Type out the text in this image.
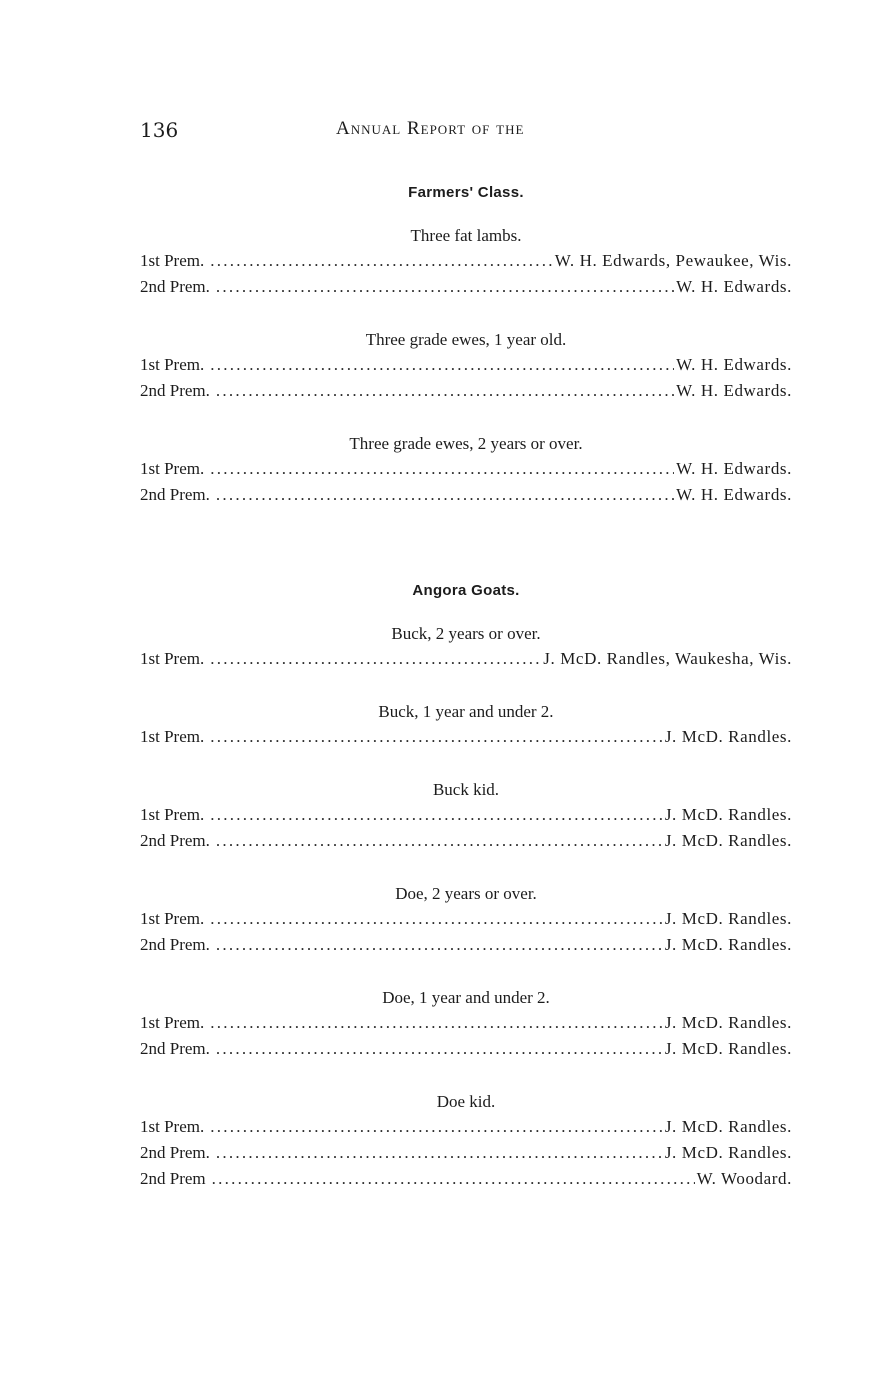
136	Annual Report of the
Farmers' Class.
Three fat lambs.
1st Prem. . . .	W. H. Edwards, Pewaukee, Wis.
2nd Prem. . . .	W. H. Edwards.
Three grade ewes, 1 year old.
1st Prem. . . .	W. H. Edwards.
2nd Prem. . . .	W. H. Edwards.
Three grade ewes, 2 years or over.
1st Prem. . . .	W. H. Edwards.
2nd Prem. . . .	W. H. Edwards.
Angora Goats.
Buck, 2 years or over.
1st Prem. . . .	J. McD. Randles, Waukesha, Wis.
Buck, 1 year and under 2.
1st Prem. . . .	J. McD. Randles.
Buck kid.
1st Prem. . . .	J. McD. Randles.
2nd Prem. . . .	J. McD. Randles.
Doe, 2 years or over.
1st Prem. . . .	J. McD. Randles.
2nd Prem. . . .	J. McD. Randles.
Doe, 1 year and under 2.
1st Prem. . . .	J. McD. Randles.
2nd Prem. . . .	J. McD. Randles.
Doe kid.
1st Prem. . . .	J. McD. Randles.
2nd Prem. . . .	J. McD. Randles.
2nd Prem . . .	W. Woodard.
